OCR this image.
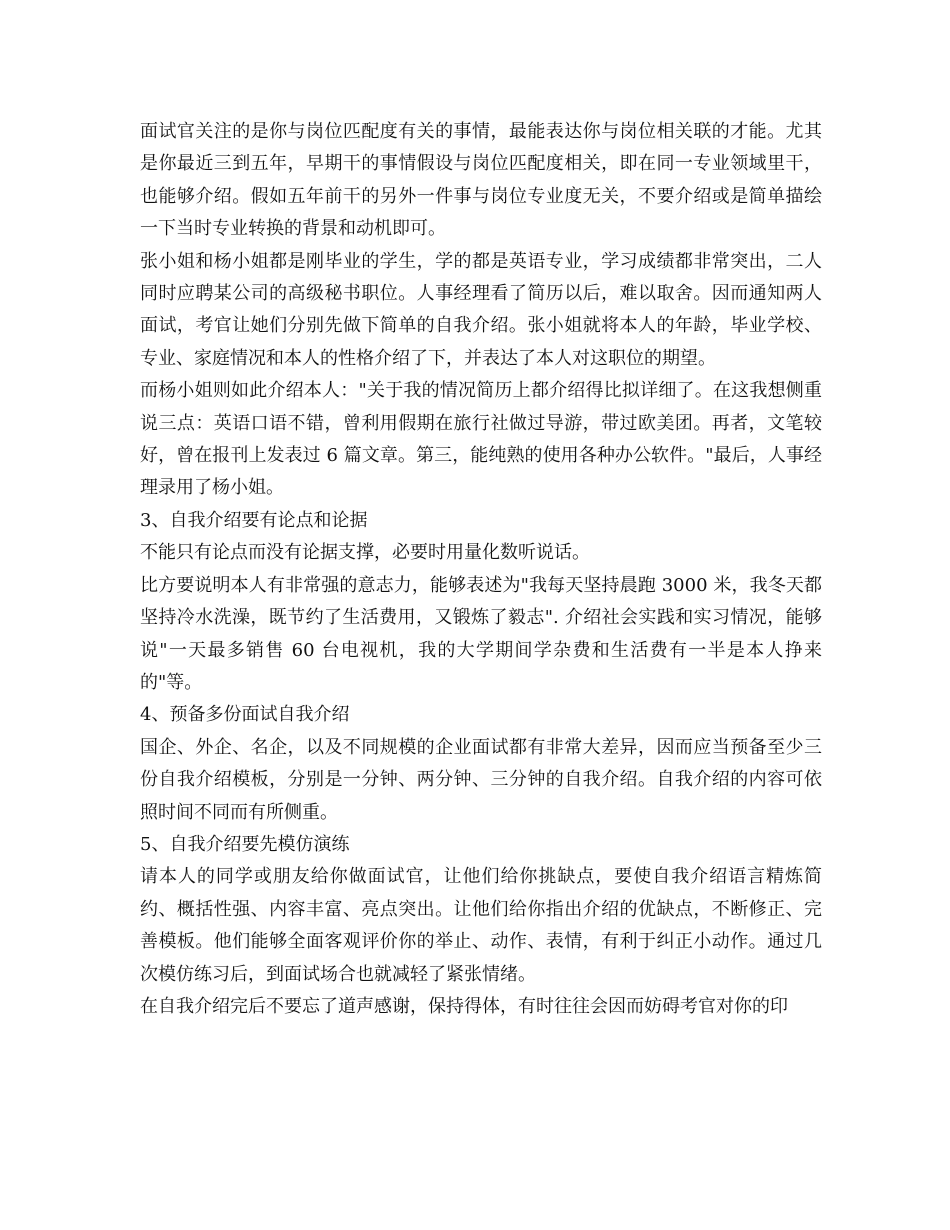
面试官关注的是你与岗位匹配度有关的事情，最能表达你与岗位相关联的才能。尤其是你最近三到五年，早期干的事情假设与岗位匹配度相关，即在同一专业领域里干，也能够介绍。假如五年前干的另外一件事与岗位专业度无关，不要介绍或是简单描绘一下当时专业转换的背景和动机即可。

张小姐和杨小姐都是刚毕业的学生，学的都是英语专业，学习成绩都非常突出，二人同时应聘某公司的高级秘书职位。人事经理看了简历以后，难以取舍。因而通知两人面试，考官让她们分别先做下简单的自我介绍。张小姐就将本人的年龄，毕业学校、专业、家庭情况和本人的性格介绍了下，并表达了本人对这职位的期望。

而杨小姐则如此介绍本人："关于我的情况简历上都介绍得比拟详细了。在这我想侧重说三点：英语口语不错，曾利用假期在旅行社做过导游，带过欧美团。再者，文笔较好，曾在报刊上发表过 6 篇文章。第三，能纯熟的使用各种办公软件。"最后，人事经理录用了杨小姐。

3、自我介绍要有论点和论据

不能只有论点而没有论据支撑，必要时用量化数听说话。

比方要说明本人有非常强的意志力，能够表述为"我每天坚持晨跑 3000 米，我冬天都坚持冷水洗澡，既节约了生活费用，又锻炼了毅志". 介绍社会实践和实习情况，能够说"一天最多销售 60 台电视机，我的大学期间学杂费和生活费有一半是本人挣来的"等。

4、预备多份面试自我介绍

国企、外企、名企，以及不同规模的企业面试都有非常大差异，因而应当预备至少三份自我介绍模板，分别是一分钟、两分钟、三分钟的自我介绍。自我介绍的内容可依照时间不同而有所侧重。

5、自我介绍要先模仿演练

请本人的同学或朋友给你做面试官，让他们给你挑缺点，要使自我介绍语言精炼简约、概括性强、内容丰富、亮点突出。让他们给你指出介绍的优缺点，不断修正、完善模板。他们能够全面客观评价你的举止、动作、表情，有利于纠正小动作。通过几次模仿练习后，到面试场合也就减轻了紧张情绪。

在自我介绍完后不要忘了道声感谢，保持得体，有时往往会因而妨碍考官对你的印
